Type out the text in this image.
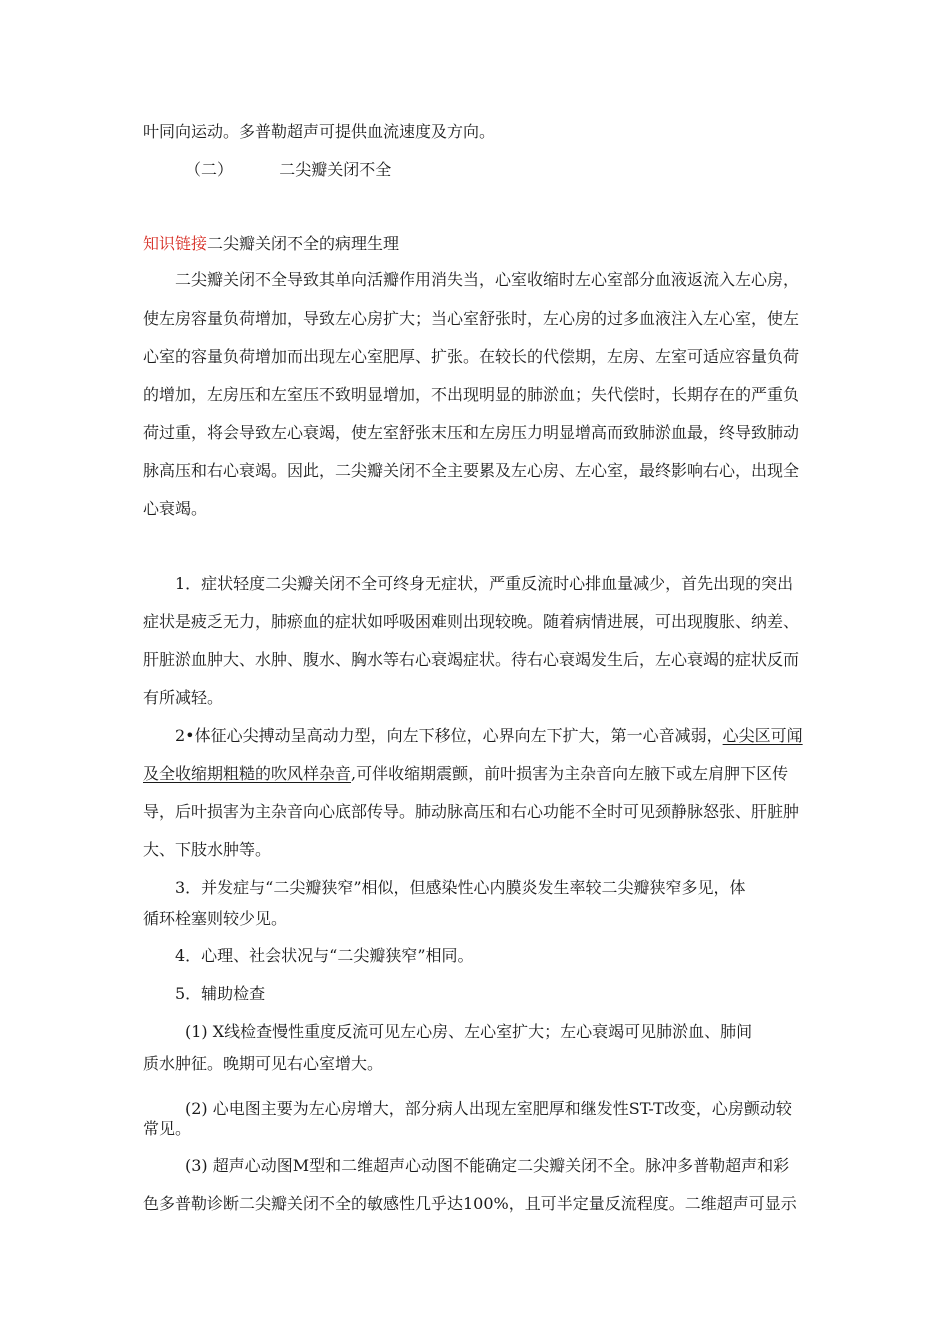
叶同向运动。多普勒超声可提供血流速度及方向。
（二）	二尖瓣关闭不全
知识链接二尖瓣关闭不全的病理生理
二尖瓣关闭不全导致其单向活瓣作用消失当，心室收缩时左心室部分血液返流入左心房，
使左房容量负荷增加，导致左心房扩大；当心室舒张时，左心房的过多血液注入左心室，使左
心室的容量负荷增加而出现左心室肥厚、扩张。在较长的代偿期，左房、左室可适应容量负荷
的增加，左房压和左室压不致明显增加，不出现明显的肺淤血；失代偿时，长期存在的严重负
荷过重，将会导致左心衰竭，使左室舒张末压和左房压力明显增高而致肺淤血最，终导致肺动
脉高压和右心衰竭。因此，二尖瓣关闭不全主要累及左心房、左心室，最终影响右心，出现全
心衰竭。
1．症状轻度二尖瓣关闭不全可终身无症状，严重反流时心排血量减少，首先出现的突出
症状是疲乏无力，肺瘀血的症状如呼吸困难则出现较晚。随着病情进展，可出现腹胀、纳差、
肝脏淤血肿大、水肿、腹水、胸水等右心衰竭症状。待右心衰竭发生后，左心衰竭的症状反而
有所减轻。
2•体征心尖搏动呈高动力型，向左下移位，心界向左下扩大，第一心音减弱，心尖区可闻
及全收缩期粗糙的吹风样杂音,可伴收缩期震颤，前叶损害为主杂音向左腋下或左肩胛下区传
导，后叶损害为主杂音向心底部传导。肺动脉高压和右心功能不全时可见颈静脉怒张、肝脏肿
大、下肢水肿等。
3．并发症与“二尖瓣狭窄”相似，但感染性心内膜炎发生率较二尖瓣狭窄多见，体
循环栓塞则较少见。
4．心理、社会状况与“二尖瓣狭窄”相同。
5．辅助检查
(1) X线检查慢性重度反流可见左心房、左心室扩大；左心衰竭可见肺淤血、肺间
质水肿征。晚期可见右心室增大。
(2) 心电图主要为左心房增大，部分病人出现左室肥厚和继发性ST-T改变，心房颤动较
常见。
(3) 超声心动图M型和二维超声心动图不能确定二尖瓣关闭不全。脉冲多普勒超声和彩
色多普勒诊断二尖瓣关闭不全的敏感性几乎达100%，且可半定量反流程度。二维超声可显示
